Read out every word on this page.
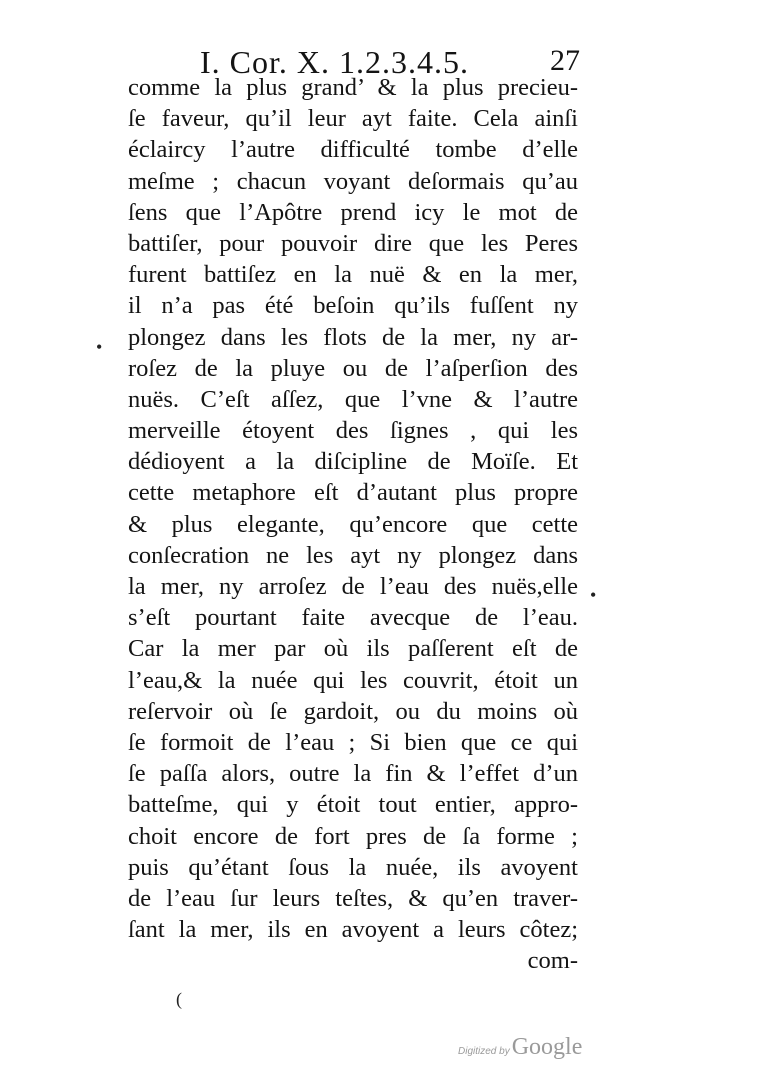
I. Cor. X. 1.2.3.4.5.	27
comme la plus grand’ & la plus precieu-
ſe faveur, qu’il leur ayt faite. Cela ainſi
éclaircy l’autre difficulté tombe d’elle
meſme ; chacun voyant deſormais qu’au
ſens que l’Apôtre prend icy le mot de
battiſer, pour pouvoir dire que les Peres
furent battiſez en la nuë & en la mer,
il n’a pas été beſoin qu’ils fuſſent ny
plongez dans les flots de la mer, ny ar-
roſez de la pluye ou de l’aſperſion des
nuës. C’eſt aſſez, que l’vne & l’autre
merveille étoyent des ſignes , qui les
dédioyent a la diſcipline de Moïſe. Et
cette metaphore eſt d’autant plus propre
& plus elegante, qu’encore que cette
conſecration ne les ayt ny plongez dans
la mer, ny arroſez de l’eau des nuës,elle
s’eſt pourtant faite avecque de l’eau.
Car la mer par où ils paſſerent eſt de
l’eau,& la nuée qui les couvrit, étoit un
reſervoir où ſe gardoit, ou du moins où
ſe formoit de l’eau ; Si bien que ce qui
ſe paſſa alors, outre la fin & l’effet d’un
batteſme, qui y étoit tout entier, appro-
choit encore de fort pres de ſa forme ;
puis qu’étant ſous la nuée, ils avoyent
de l’eau ſur leurs teſtes, & qu’en traver-
ſant la mer, ils en avoyent a leurs côtez;
com-
•
•
(
Digitized byGoogle
